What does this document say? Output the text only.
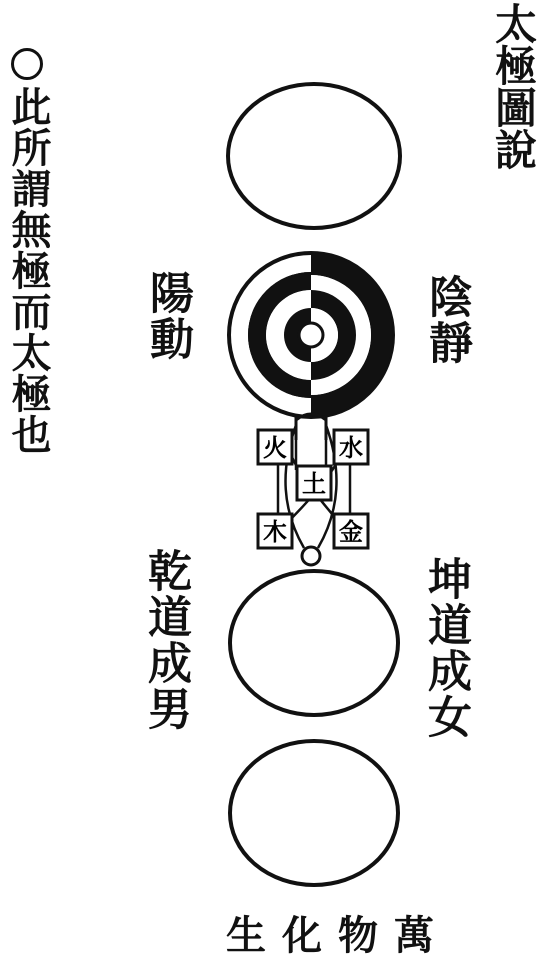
太極圖說
此所謂無極而太極也 陽動	陰靜
乾道成男	坤道成女
火 水
土
木 金
萬物化生
